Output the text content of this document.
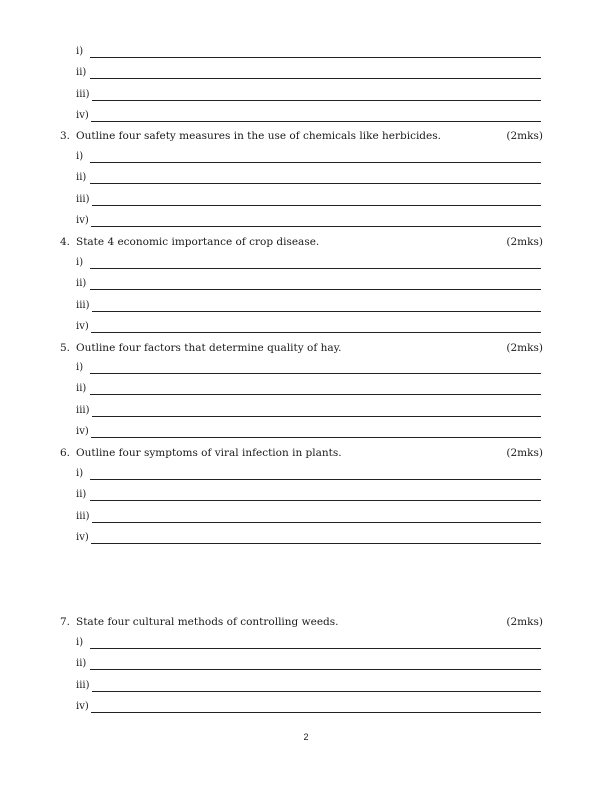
i)
ii)
iii)
iv)
3. Outline four safety measures in the use of chemicals like herbicides.	(2mks)
i)
ii)
iii)
iv)
4. State 4 economic importance of crop disease.	(2mks)
i)
ii)
iii)
iv)
5. Outline four factors that determine quality of hay.	(2mks)
i)
ii)
iii)
iv)
6. Outline four symptoms of viral infection in plants.	(2mks)
i)
ii)
iii)
iv)
7. State four cultural methods of controlling weeds.	(2mks)
i)
ii)
iii)
iv)
2
